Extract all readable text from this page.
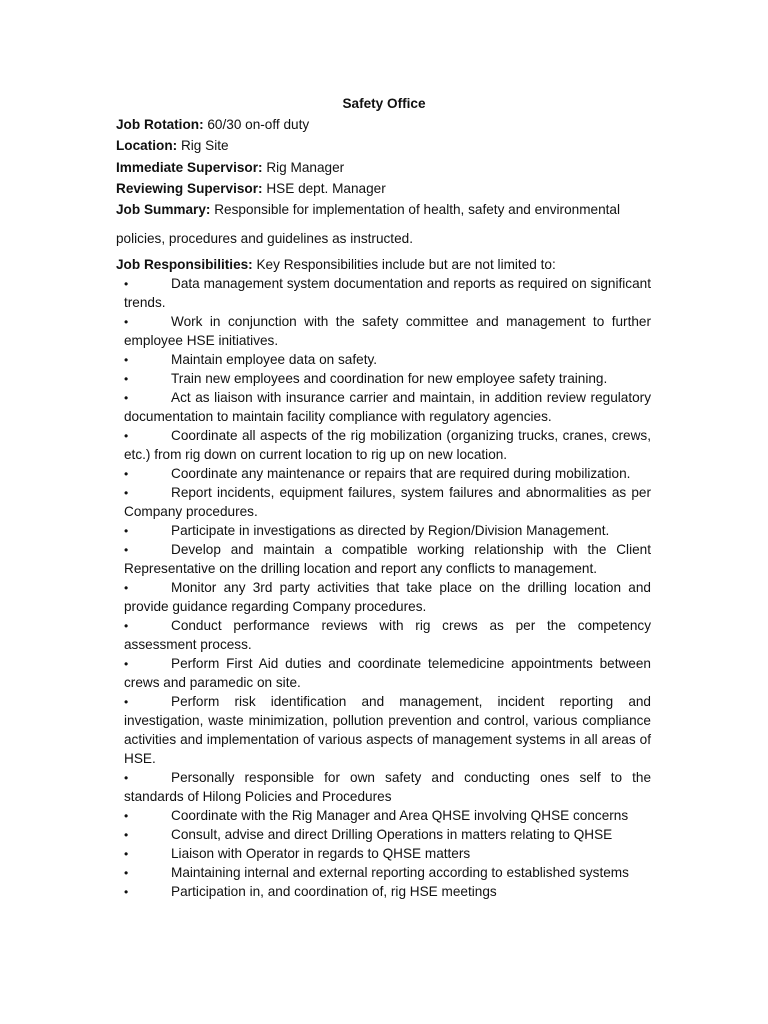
Safety Office

Job Rotation: 60/30 on-off duty

Location: Rig Site

Immediate Supervisor: Rig Manager

Reviewing Supervisor: HSE dept. Manager

Job Summary: Responsible for implementation of health, safety and environmental

policies, procedures and guidelines as instructed.

Job Responsibilities: Key Responsibilities include but are not limited to:

•	Data management system documentation and reports as required on significant trends.
•	Work in conjunction with the safety committee and management to further employee HSE initiatives.
•	Maintain employee data on safety.
•	Train new employees and coordination for new employee safety training.
•	Act as liaison with insurance carrier and maintain, in addition review regulatory documentation to maintain facility compliance with regulatory agencies.
•	Coordinate all aspects of the rig mobilization (organizing trucks, cranes, crews, etc.) from rig down on current location to rig up on new location.
•	Coordinate any maintenance or repairs that are required during mobilization.
•	Report incidents, equipment failures, system failures and abnormalities as per Company procedures.
•	Participate in investigations as directed by Region/Division Management.
•	Develop and maintain a compatible working relationship with the Client Representative on the drilling location and report any conflicts to management.
•	Monitor any 3rd party activities that take place on the drilling location and provide guidance regarding Company procedures.
•	Conduct performance reviews with rig crews as per the competency assessment process.
•	Perform First Aid duties and coordinate telemedicine appointments between crews and paramedic on site.
•	Perform risk identification and management, incident reporting and investigation, waste minimization, pollution prevention and control, various compliance activities and implementation of various aspects of management systems in all areas of HSE.
•	Personally responsible for own safety and conducting ones self to the standards of Hilong Policies and Procedures
•	Coordinate with the Rig Manager and Area QHSE involving QHSE concerns
•	Consult, advise and direct Drilling Operations in matters relating to QHSE
•	Liaison with Operator in regards to QHSE matters
•	Maintaining internal and external reporting according to established systems
•	Participation in, and coordination of, rig HSE meetings
